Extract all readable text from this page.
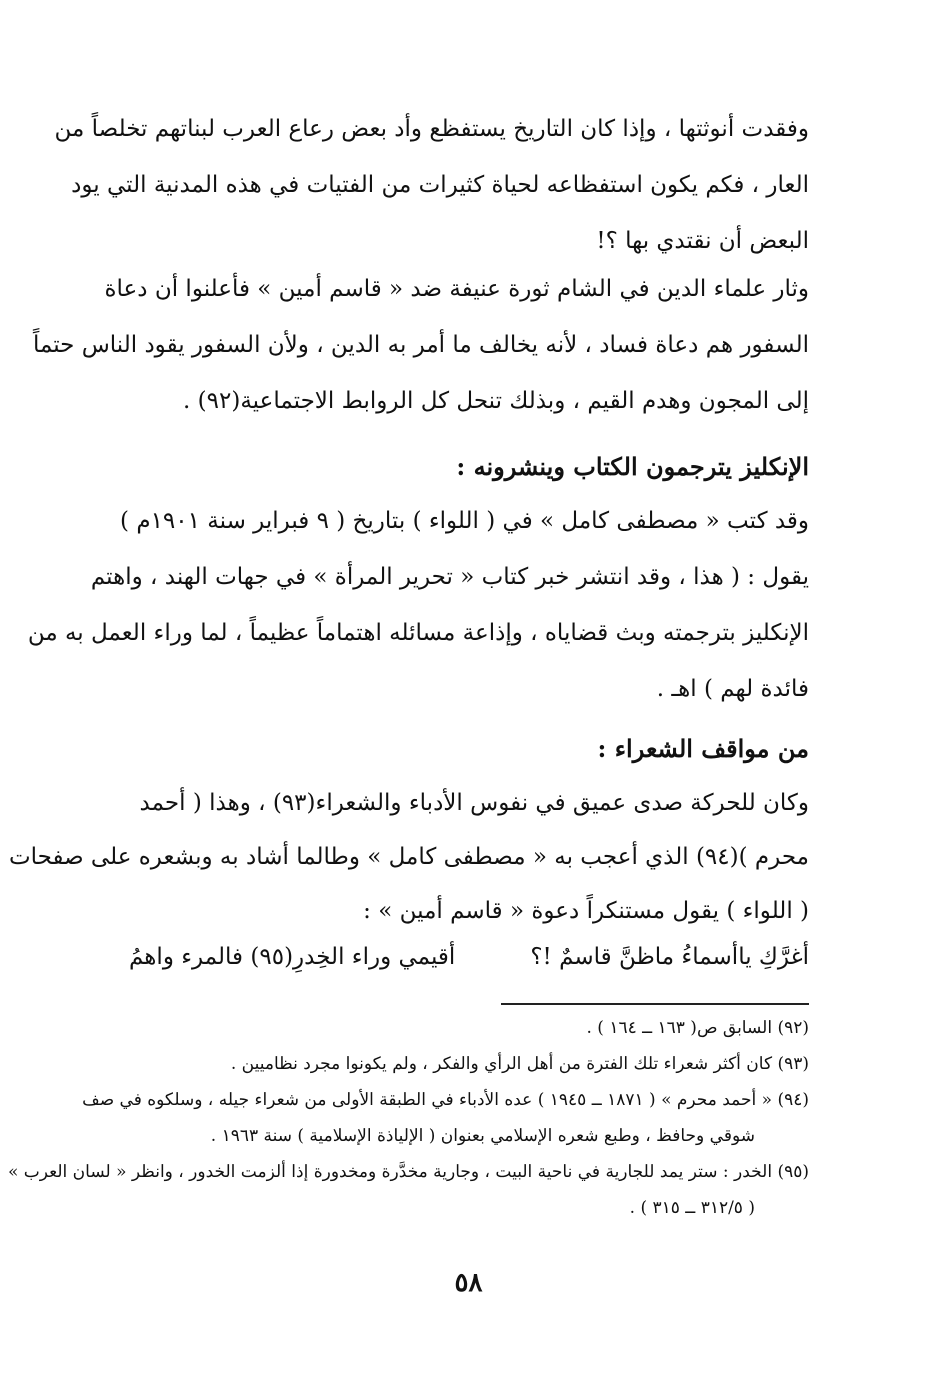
وفقدت أنوثتها ، وإذا كان التاريخ يستفظع وأد بعض رعاع العرب لبناتهم تخلصاً من
العار ، فكم يكون استفظاعه لحياة كثيرات من الفتيات في هذه المدنية التي يود
البعض أن نقتدي بها ؟!
وثار علماء الدين في الشام ثورة عنيفة ضد « قاسم أمين » فأعلنوا أن دعاة
السفور هم دعاة فساد ، لأنه يخالف ما أمر به الدين ، ولأن السفور يقود الناس حتماً
إلى المجون وهدم القيم ، وبذلك تنحل كل الروابط الاجتماعية(٩٢) .
الإنكليز يترجمون الكتاب وينشرونه :
وقد كتب « مصطفى كامل » في ( اللواء ) بتاريخ ( ٩ فبراير سنة ١٩٠١م )
يقول : ( هذا ، وقد انتشر خبر كتاب « تحرير المرأة » في جهات الهند ، واهتم
الإنكليز بترجمته وبث قضاياه ، وإذاعة مسائله اهتماماً عظيماً ، لما وراء العمل به من
فائدة لهم ) اهـ .
من مواقف الشعراء :
وكان للحركة صدى عميق في نفوس الأدباء والشعراء(٩٣) ، وهذا ( أحمد
محرم )(٩٤) الذي أعجب به « مصطفى كامل » وطالما أشاد به وبشعره على صفحات
( اللواء ) يقول مستنكراً دعوة « قاسم أمين » :
أغرَّكِ ياأسماءُ ماظنَّ قاسمٌ !؟
أقيمي وراء الخِدرِ(٩٥) فالمرء واهمُ
(٩٢) السابق ص( ١٦٣ ــ ١٦٤ ) .
(٩٣) كان أكثر شعراء تلك الفترة من أهل الرأي والفكر ، ولم يكونوا مجرد نظاميين .
(٩٤) « أحمد محرم » ( ١٨٧١ ــ ١٩٤٥ ) عده الأدباء في الطبقة الأولى من شعراء جيله ، وسلكوه في صف
شوقي وحافظ ، وطبع شعره الإسلامي بعنوان ( الإلياذة الإسلامية ) سنة ١٩٦٣ .
(٩٥) الخدر : ستر يمد للجارية في ناحية البيت ، وجارية مخدَّرة ومخدورة إذا ألزمت الخدور ، وانظر « لسان العرب »
( ٣١٢/٥ ــ ٣١٥ ) .
٥٨
